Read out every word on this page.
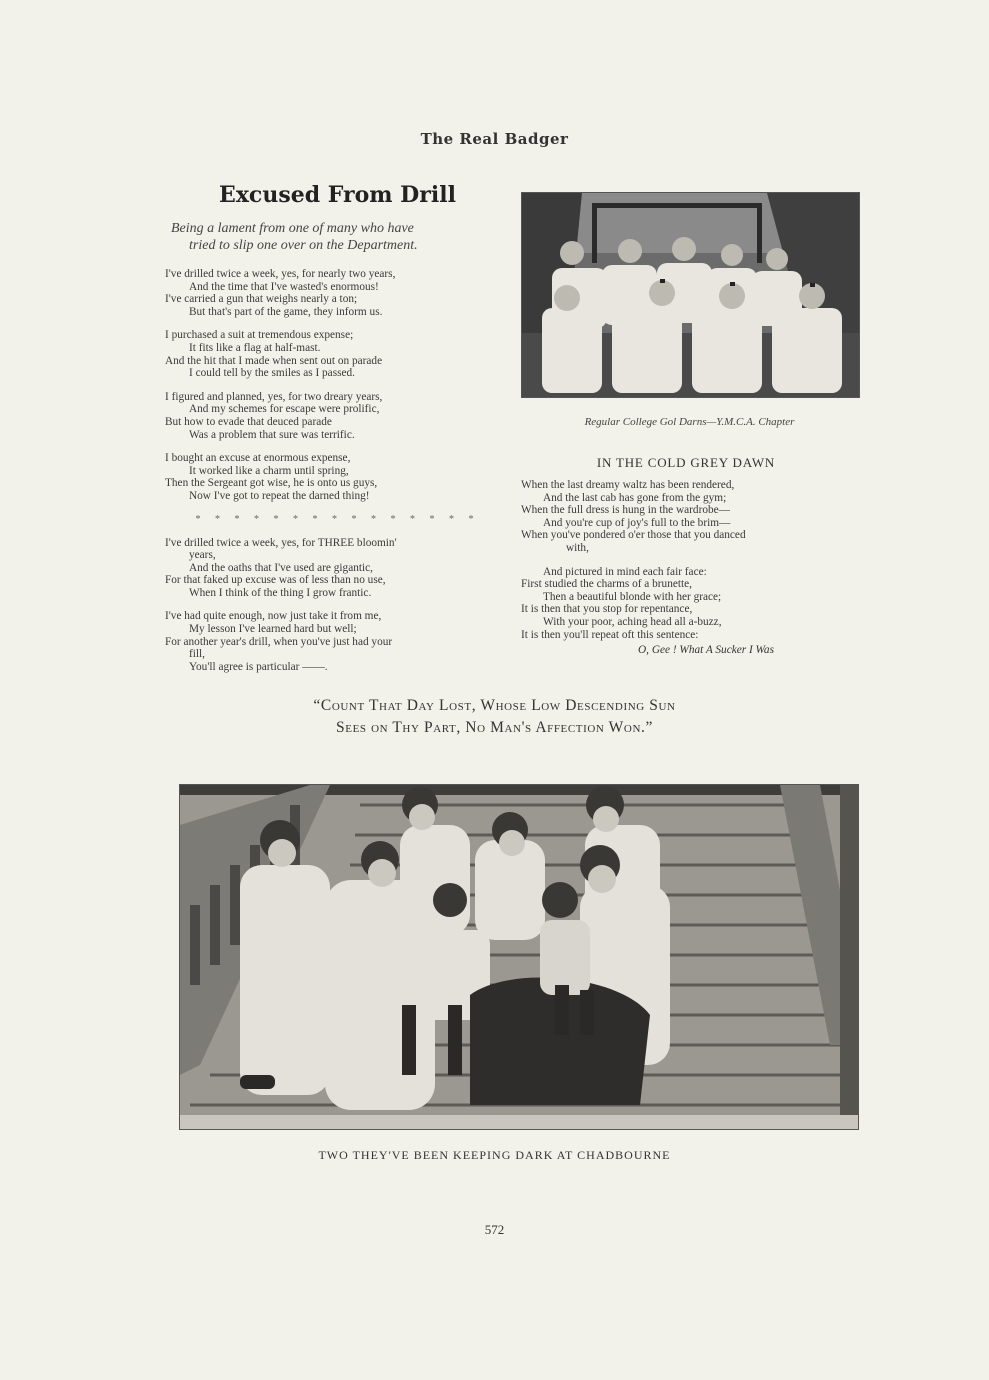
The Real Badger
Excused From Drill
Being a lament from one of many who have
tried to slip one over on the Department.
I've drilled twice a week, yes, for nearly two years,
And the time that I've wasted's enormous!
I've carried a gun that weighs nearly a ton;
But that's part of the game, they inform us.
I purchased a suit at tremendous expense;
It fits like a flag at half-mast.
And the hit that I made when sent out on parade
I could tell by the smiles as I passed.
I figured and planned, yes, for two dreary years,
And my schemes for escape were prolific,
But how to evade that deuced parade
Was a problem that sure was terrific.
I bought an excuse at enormous expense,
It worked like a charm until spring,
Then the Sergeant got wise, he is onto us guys,
Now I've got to repeat the darned thing!
* * * * * * * * * * * * * * *
I've drilled twice a week, yes, for THREE bloomin'
years,
And the oaths that I've used are gigantic,
For that faked up excuse was of less than no use,
When I think of the thing I grow frantic.
I've had quite enough, now just take it from me,
My lesson I've learned hard but well;
For another year's drill, when you've just had your
fill,
You'll agree is particular ——.
Regular College Gol Darns—Y.M.C.A. Chapter
IN THE COLD GREY DAWN
When the last dreamy waltz has been rendered,
And the last cab has gone from the gym;
When the full dress is hung in the wardrobe—
And you're cup of joy's full to the brim—
When you've pondered o'er those that you danced
with,
And pictured in mind each fair face:
First studied the charms of a brunette,
Then a beautiful blonde with her grace;
It is then that you stop for repentance,
With your poor, aching head all a-buzz,
It is then you'll repeat oft this sentence:
O, Gee ! What A Sucker I Was
“Count That Day Lost, Whose Low Descending Sun
Sees on Thy Part, No Man's Affection Won.”
TWO THEY'VE BEEN KEEPING DARK AT CHADBOURNE
572
